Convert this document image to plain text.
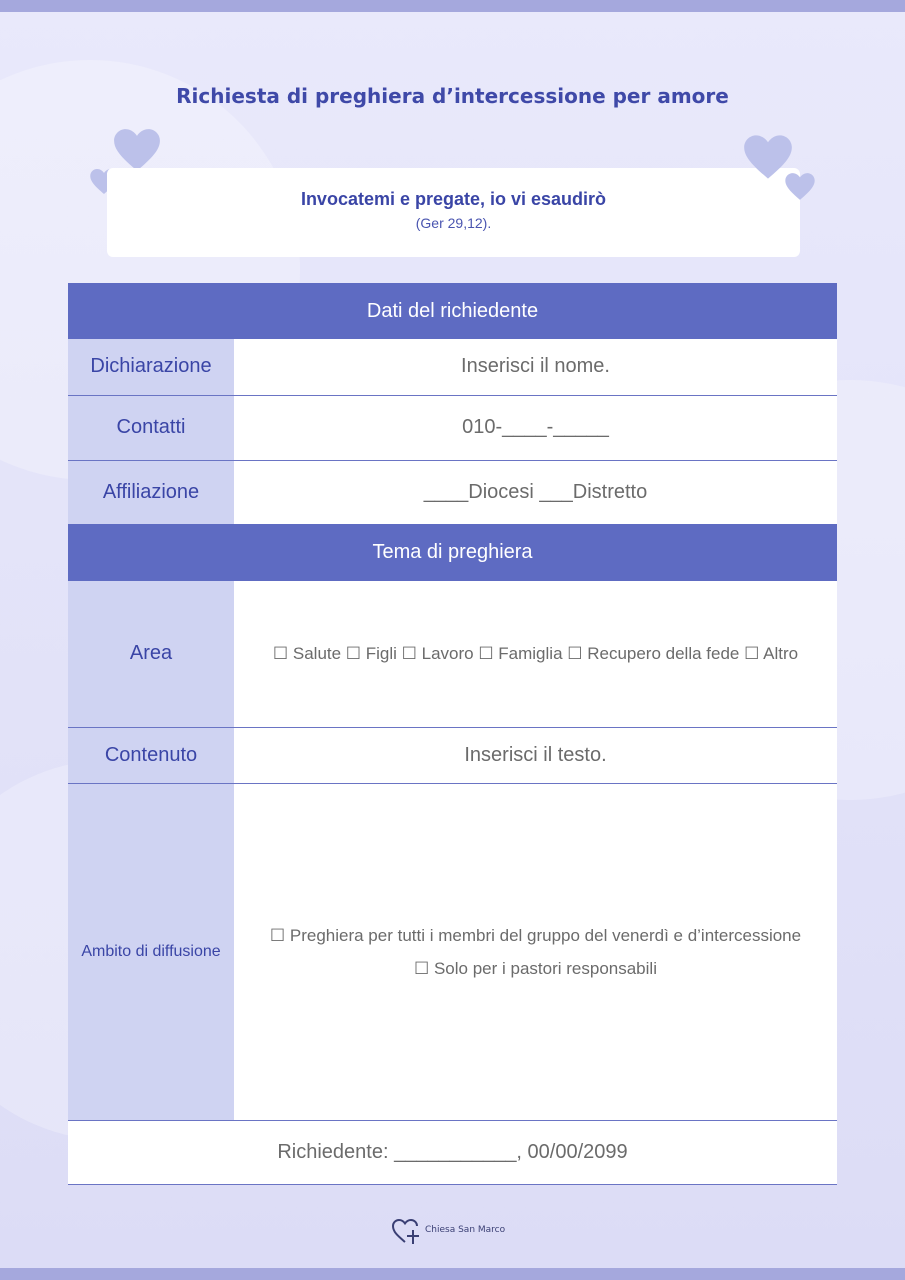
Richiesta di preghiera d’intercessione per amore
Invocatemi e pregate, io vi esaudirò
(Ger 29,12).
Dati del richiedente	
Dichiarazione	Inserisci il nome.
Contatti	010-____-_____
Affiliazione	____Diocesi ___Distretto
Tema di preghiera	
Area	☐ Salute ☐ Figli ☐ Lavoro ☐ Famiglia ☐ Recupero della fede ☐ Altro
Contenuto	Inserisci il testo.
Ambito di diffusione	☐ Preghiera per tutti i membri del gruppo del venerdì e d’intercessione
☐ Solo per i pastori responsabili

Richiedente: ___________, 00/00/2099	
Chiesa San Marco
